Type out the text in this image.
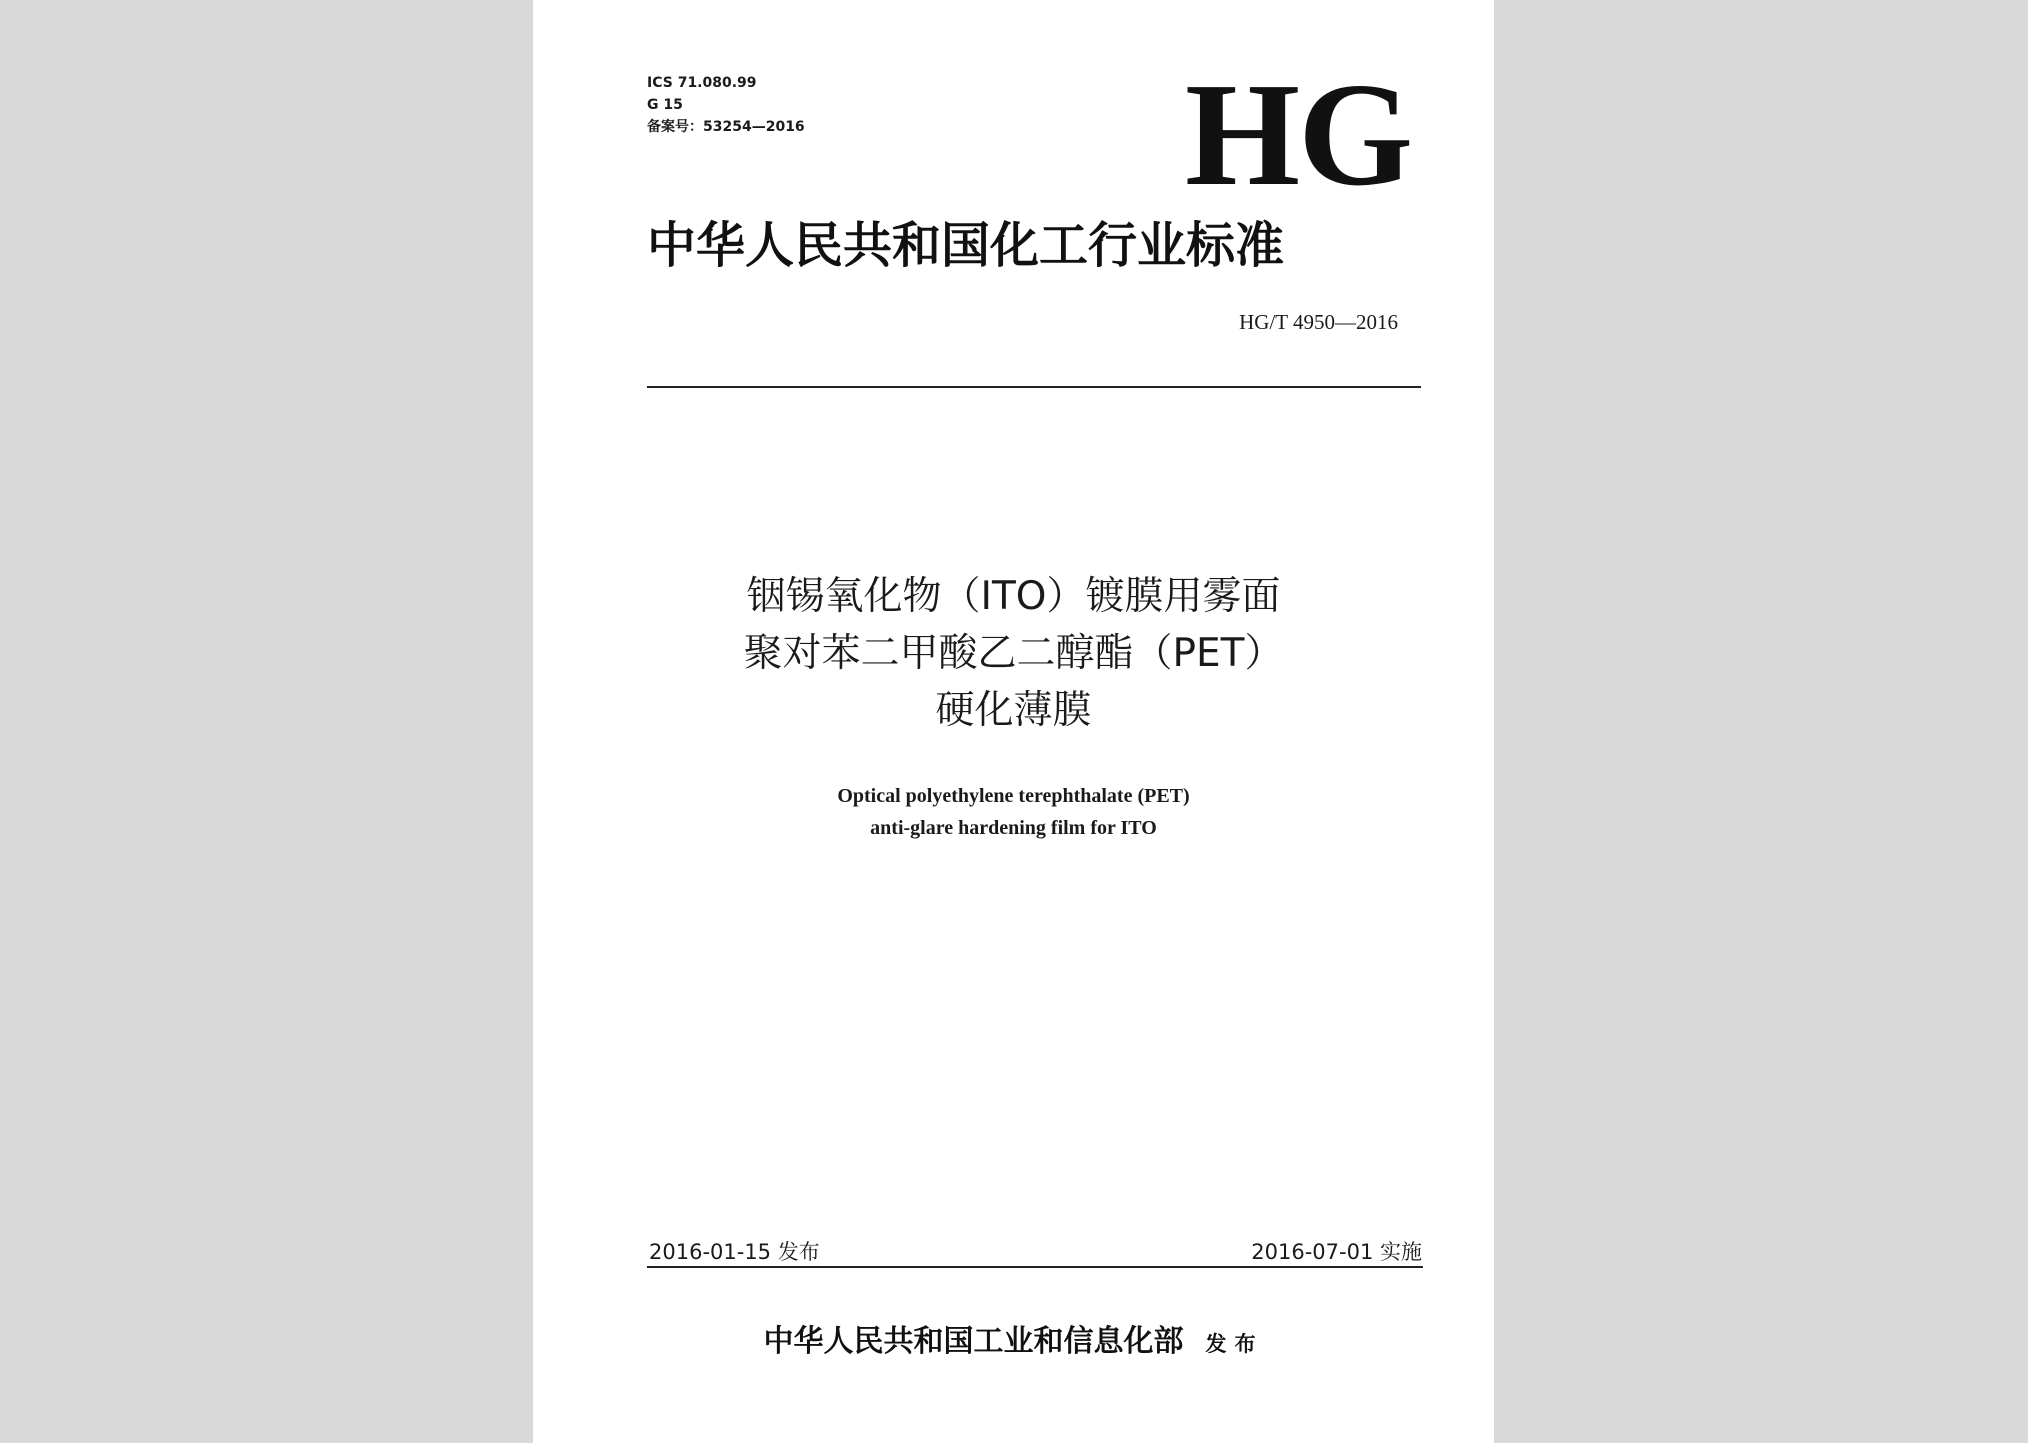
ICS 71.080.99
G 15
备案号：53254—2016	HG
中华人民共和国化工行业标准
HG/T 4950—2016
铟锡氧化物（ITO）镀膜用雾面
聚对苯二甲酸乙二醇酯（PET）
硬化薄膜
Optical polyethylene terephthalate (PET)
anti-glare hardening film for ITO
2016-01-15 发布	2016-07-01 实施
中华人民共和国工业和信息化部 发布
